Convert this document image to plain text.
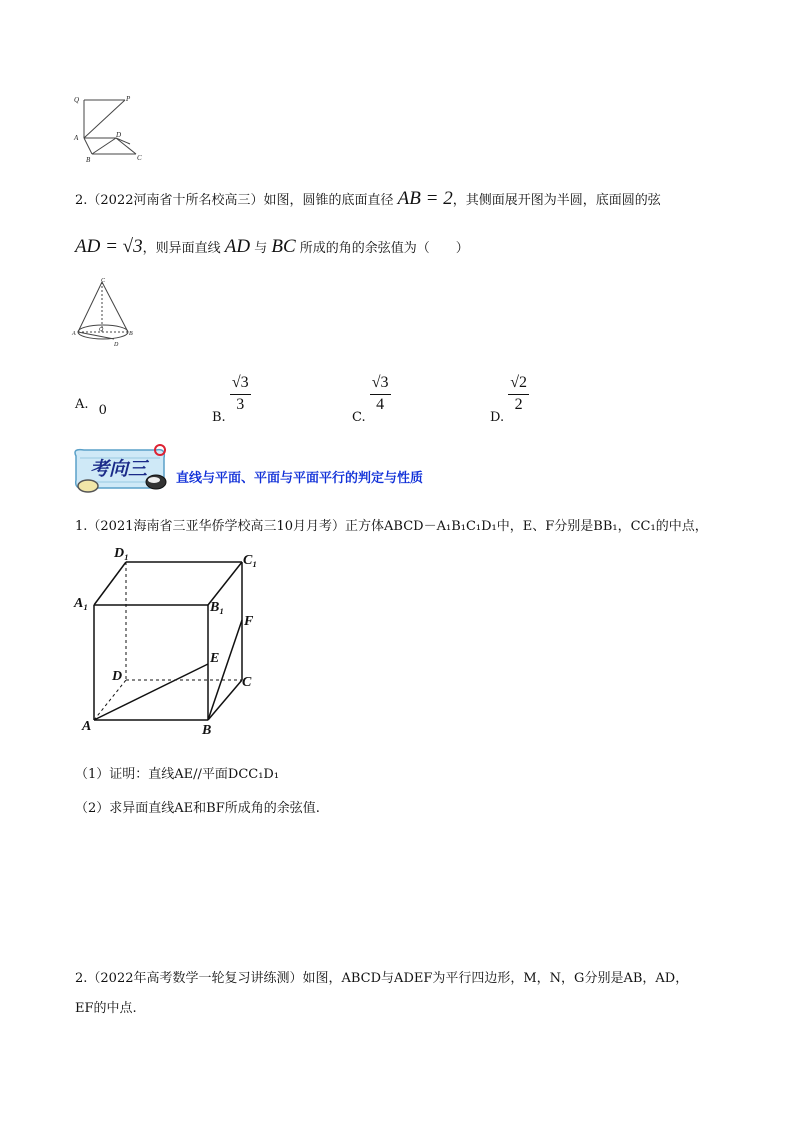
Q	P
A	D
B	C
2.（2022河南省十所名校高三）如图，圆锥的底面直径 AB = 2，其侧面展开图为半圆，底面圆的弦
AD = √3，则异面直线 AD 与 BC 所成的角的余弦值为（　　）
C
A
O
B
D
A. 0	B.
$\frac{√3}{3}$
C.
$\frac{√3}{4}$
D.
$\frac{√2}{2}$
考向三 直线与平面、平面与平面平行的判定与性质
1.（2021海南省三亚华侨学校高三10月月考）正方体ABCD－A₁B₁C₁D₁中，E、F分别是BB₁，CC₁的中点，
D₁	C₁
A₁	B₁
F
E
D	C
A	B
（1）证明：直线AE//平面DCC₁D₁
（2）求异面直线AE和BF所成角的余弦值.
2.（2022年高考数学一轮复习讲练测）如图，ABCD与ADEF为平行四边形，M，N，G分别是AB，AD，
EF的中点.
